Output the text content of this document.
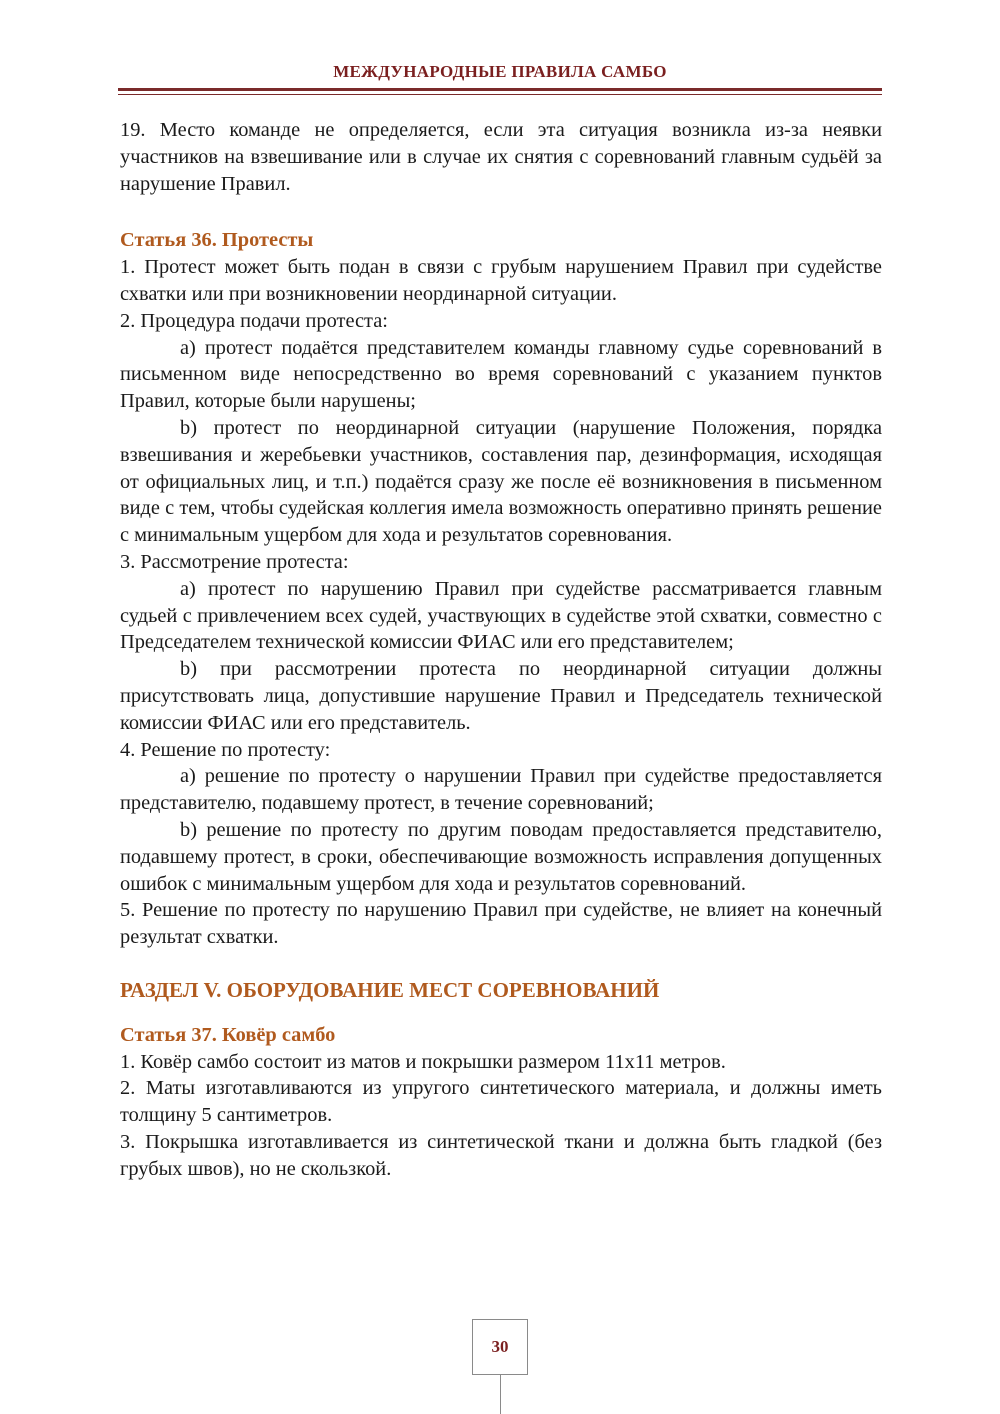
МЕЖДУНАРОДНЫЕ ПРАВИЛА САМБО

19. Место команде не определяется, если эта ситуация возникла из-за неявки участников на взвешивание или в случае их снятия с соревнований главным судьёй за нарушение Правил.

Статья 36. Протесты

1. Протест может быть подан в связи с грубым нарушением Правил при судействе схватки или при возникновении неординарной ситуации.

2. Процедура подачи протеста:

a) протест подаётся представителем команды главному судье соревнований в письменном виде непосредственно во время соревнований с указанием пунктов Правил, которые были нарушены;

b) протест по неординарной ситуации (нарушение Положения, порядка взвешивания и жеребьевки участников, составления пар, дезинформация, исходящая от официальных лиц, и т.п.) подаётся сразу же после её возникновения в письменном виде с тем, чтобы судейская коллегия имела возможность оперативно принять решение с минимальным ущербом для хода и результатов соревнования.

3. Рассмотрение протеста:

a) протест по нарушению Правил при судействе рассматривается главным судьей с привлечением всех судей, участвующих в судействе этой схватки, совместно с Председателем технической комиссии ФИАС или его представителем;

b) при рассмотрении протеста по неординарной ситуации должны присутствовать лица, допустившие нарушение Правил и Председатель технической комиссии ФИАС или его представитель.

4. Решение по протесту:

a) решение по протесту о нарушении Правил при судействе предоставляется представителю, подавшему протест, в течение соревнований;

b) решение по протесту по другим поводам предоставляется представителю, подавшему протест, в сроки, обеспечивающие возможность исправления допущенных ошибок с минимальным ущербом для хода и результатов соревнований.

5. Решение по протесту по нарушению Правил при судействе, не влияет на конечный результат схватки.

РАЗДЕЛ V. ОБОРУДОВАНИЕ МЕСТ СОРЕВНОВАНИЙ

Статья 37. Ковёр самбо

1. Ковёр самбо состоит из матов и покрышки размером 11x11 метров.

2. Маты изготавливаются из упругого синтетического материала, и должны иметь толщину 5 сантиметров.

3. Покрышка изготавливается из синтетической ткани и должна быть гладкой (без грубых швов), но не скользкой.

30
